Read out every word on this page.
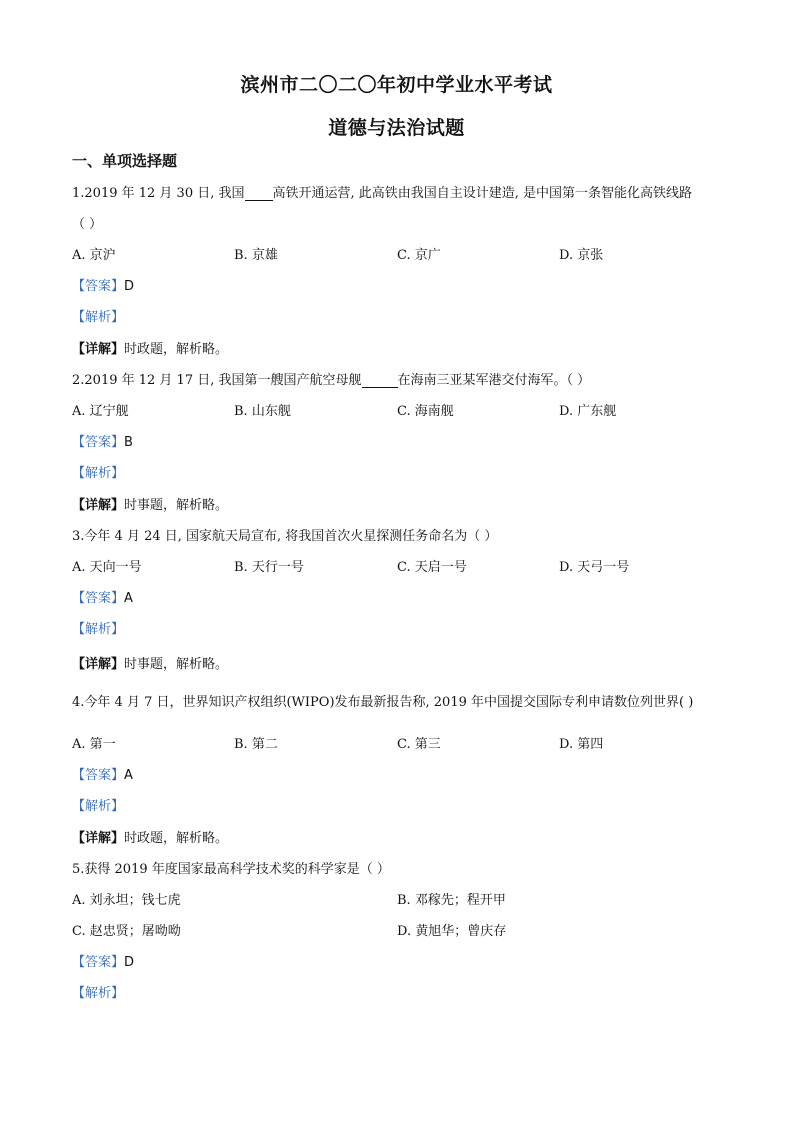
滨州市二〇二〇年初中学业水平考试
道德与法治试题
一、单项选择题
1.2019 年 12 月 30 日, 我国 高铁开通运营, 此高铁由我国自主设计建造, 是中国第一条智能化高铁线路
（ ）
A. 京沪	B. 京雄	C. 京广	D. 京张
【答案】D
【解析】
【详解】时政题，解析略。
2.2019 年 12 月 17 日, 我国第一艘国产航空母舰	在海南三亚某军港交付海军。（ ）
A. 辽宁舰	B. 山东舰	C. 海南舰	D. 广东舰
【答案】B
【解析】
【详解】时事题，解析略。
3.今年 4 月 24 日, 国家航天局宣布, 将我国首次火星探测任务命名为（ ）
A. 天向一号	B. 天行一号	C. 天启一号	D. 天弓一号
【答案】A
【解析】
【详解】时事题，解析略。
4.今年 4 月 7 日，世界知识产权组织(WIPO)发布最新报告称, 2019 年中国提交国际专利申请数位列世界( )
A. 第一	B. 第二	C. 第三	D. 第四
【答案】A
【解析】
【详解】时政题，解析略。
5.获得 2019 年度国家最高科学技术奖的科学家是（ ）
A. 刘永坦；钱七虎	B. 邓稼先；程开甲
C. 赵忠贤；屠呦呦	D. 黄旭华；曾庆存
【答案】D
【解析】
